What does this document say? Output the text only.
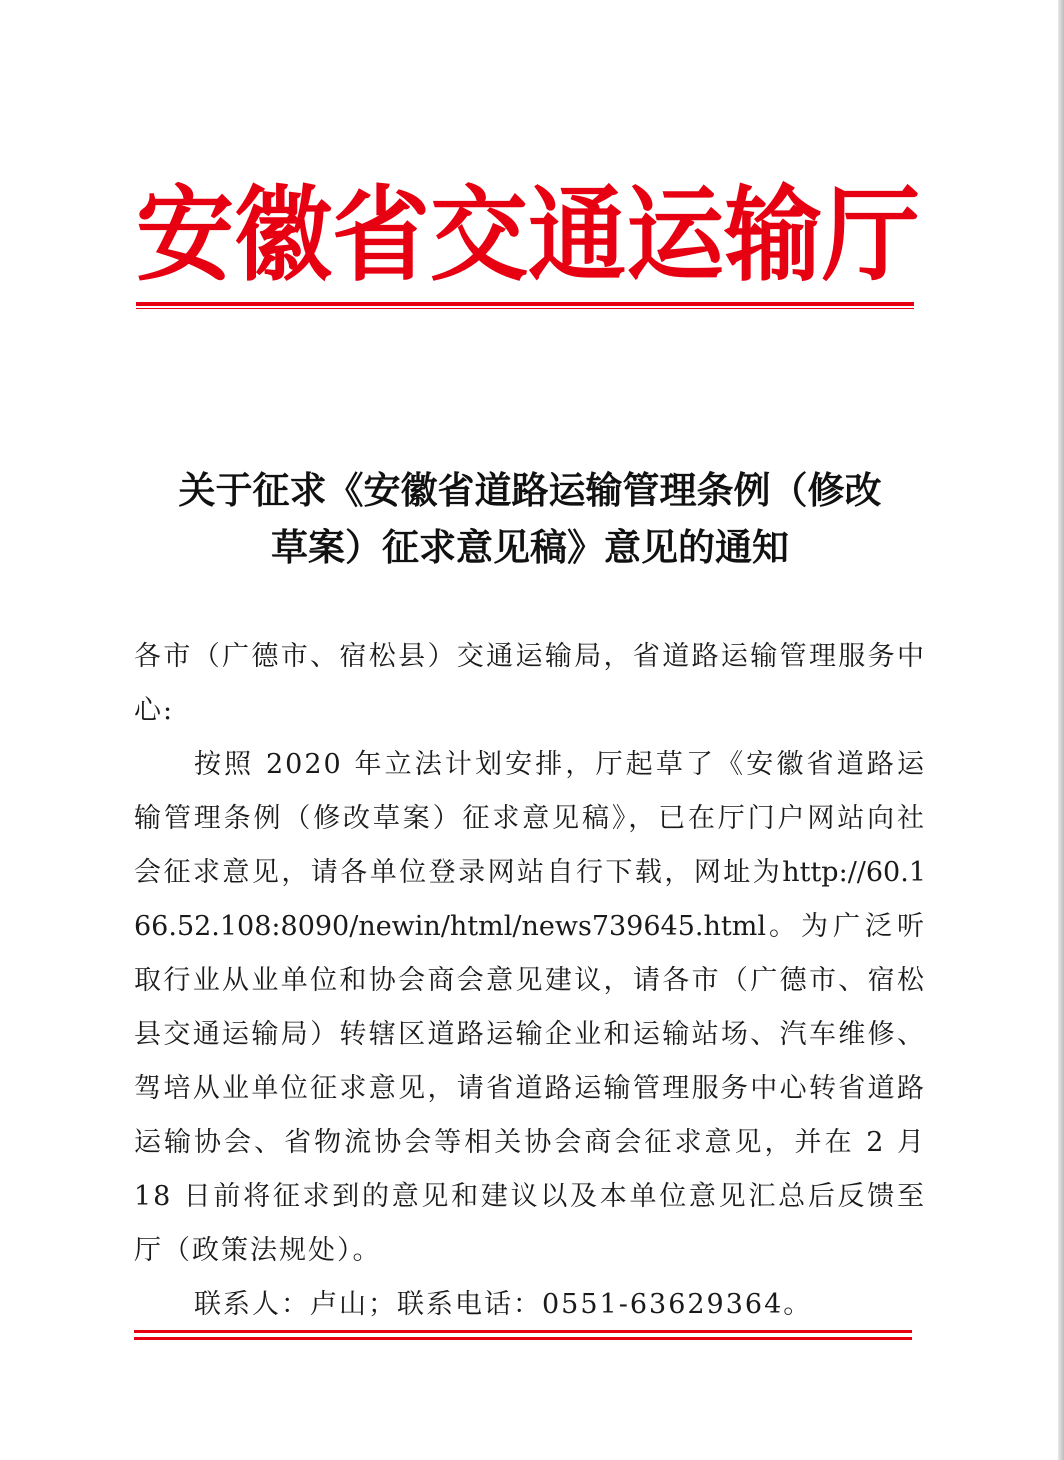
安 徽 省 交 通 运 输 厅
关于征求《安徽省道路运输管理条例（修改
草案）征求意见稿》意见的通知

各市（广德市、宿松县）交通运输局，省道路运输管理服务中心:

按照 2020 年立法计划安排，厅起草了《安徽省道路运输管理条例（修改草案）征求意见稿》，已在厅门户网站向社会征求意见，请各单位登录网站自行下载，网址为http://60.166.52.108:8090/newin/html/news739645.html。为广泛听取行业从业单位和协会商会意见建议，请各市（广德市、宿松县交通运输局）转辖区道路运输企业和运输站场、汽车维修、驾培从业单位征求意见，请省道路运输管理服务中心转省道路运输协会、省物流协会等相关协会商会征求意见，并在 2 月 18 日前将征求到的意见和建议以及本单位意见汇总后反馈至厅（政策法规处）。

联系人：卢山；联系电话：0551-63629364。
